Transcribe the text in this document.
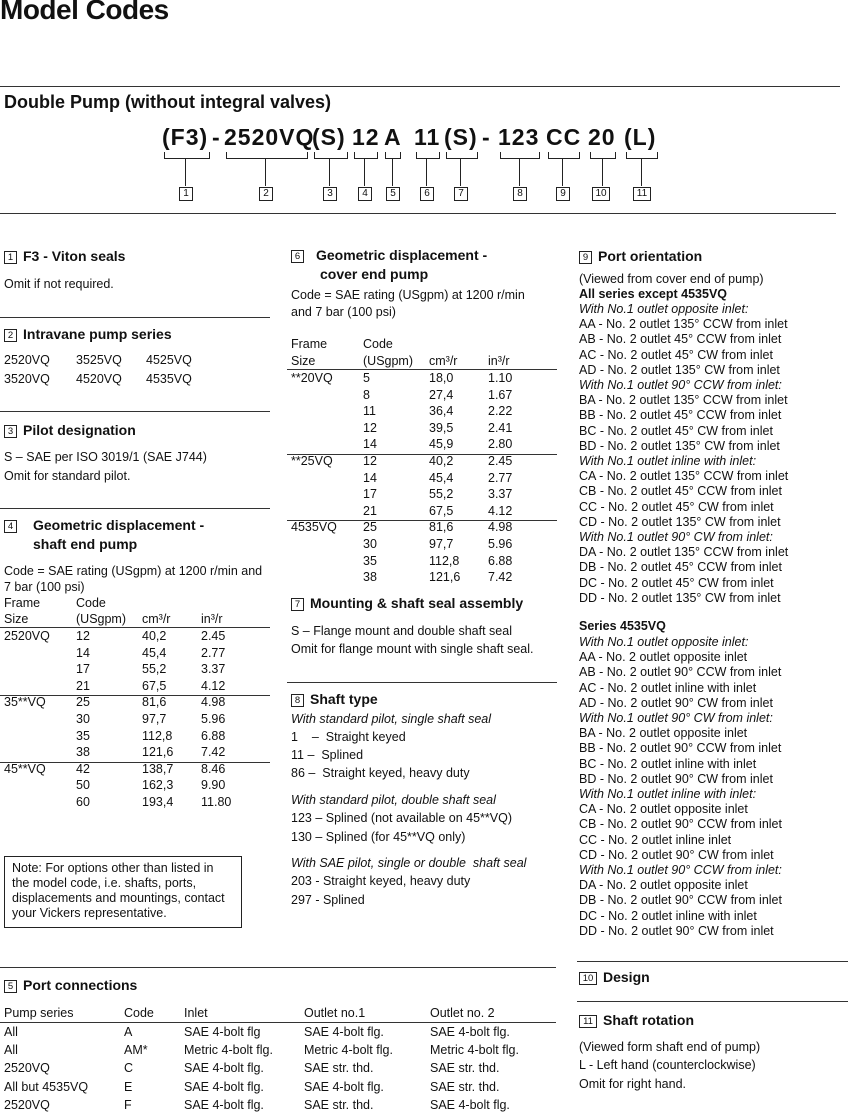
Model Codes
Double Pump (without integral valves)
(F3) - 2520VQ
(S) 12 A 11 (S) - 123 CC 20 (L)
1	2	3	4	5	6	7	8	9	10	11
1 F3 - Viton seals
Omit if not required.
2 Intravane pump series
2520VQ	3525VQ	4525VQ
3520VQ	4520VQ	4535VQ
3 Pilot designation
S – SAE per ISO 3019/1 (SAE J744)
Omit for standard pilot.
4 Geometric displacement -
shaft end pump
Code = SAE rating (USgpm) at 1200 r/min and
7 bar (100 psi)
Frame	Code
Size	(USgpm)	cm³/r	in³/r
2520VQ	12	40,2	2.45
14	45,4	2.77
17	55,2	3.37
21	67,5	4.12
35**VQ	25	81,6	4.98
30	97,7	5.96
35	112,8	6.88
38	121,6	7.42
45**VQ	42	138,7	8.46
50	162,3	9.90
60	193,4	11.80
Note: For options other than listed in
the model code, i.e. shafts, ports,
displacements and mountings, contact
your Vickers representative.
5 Port connections
Pump series	Code	Inlet	Outlet no.1	Outlet no. 2
All	A	SAE 4-bolt flg	SAE 4-bolt flg.	SAE 4-bolt flg.
All	AM*	Metric 4-bolt flg.	Metric 4-bolt flg.	Metric 4-bolt flg.
2520VQ	C	SAE 4-bolt flg.	SAE str. thd.	SAE str. thd.
All but 4535VQ	E	SAE 4-bolt flg.	SAE 4-bolt flg.	SAE str. thd.
2520VQ	F	SAE 4-bolt flg.	SAE str. thd.	SAE 4-bolt flg.
6 Geometric displacement -
cover end pump
Code = SAE rating (USgpm) at 1200 r/min
and 7 bar (100 psi)
Frame	Code
Size	(USgpm)	cm³/r	in³/r
**20VQ	5	18,0	1.10
8	27,4	1.67
11	36,4	2.22
12	39,5	2.41
14	45,9	2.80
**25VQ	12	40,2	2.45
14	45,4	2.77
17	55,2	3.37
21	67,5	4.12
4535VQ	25	81,6	4.98
30	97,7	5.96
35	112,8	6.88
38	121,6	7.42
7 Mounting & shaft seal assembly
S – Flange mount and double shaft seal
Omit for flange mount with single shaft seal.
8 Shaft type
With standard pilot, single shaft seal
1    –  Straight keyed
11 –  Splined
86 –  Straight keyed, heavy duty
With standard pilot, double shaft seal
123 – Splined (not available on 45**VQ)
130 – Splined (for 45**VQ only)
With SAE pilot, single or double  shaft seal
203 - Straight keyed, heavy duty
297 - Splined
9 Port orientation
(Viewed from cover end of pump)
All series except 4535VQ
With No.1 outlet opposite inlet:
AA - No. 2 outlet 135° CCW from inlet
AB - No. 2 outlet 45° CCW from inlet
AC - No. 2 outlet 45° CW from inlet
AD - No. 2 outlet 135° CW from inlet
With No.1 outlet 90° CCW from inlet:
BA - No. 2 outlet 135° CCW from inlet
BB - No. 2 outlet 45° CCW from inlet
BC - No. 2 outlet 45° CW from inlet
BD - No. 2 outlet 135° CW from inlet
With No.1 outlet inline with inlet:
CA - No. 2 outlet 135° CCW from inlet
CB - No. 2 outlet 45° CCW from inlet
CC - No. 2 outlet 45° CW from inlet
CD - No. 2 outlet 135° CW from inlet
With No.1 outlet 90° CW from inlet:
DA - No. 2 outlet 135° CCW from inlet
DB - No. 2 outlet 45° CCW from inlet
DC - No. 2 outlet 45° CW from inlet
DD - No. 2 outlet 135° CW from inlet
Series 4535VQ
With No.1 outlet opposite inlet:
AA - No. 2 outlet opposite inlet
AB - No. 2 outlet 90° CCW from inlet
AC - No. 2 outlet inline with inlet
AD - No. 2 outlet 90° CW from inlet
With No.1 outlet 90° CW from inlet:
BA - No. 2 outlet opposite inlet
BB - No. 2 outlet 90° CCW from inlet
BC - No. 2 outlet inline with inlet
BD - No. 2 outlet 90° CW from inlet
With No.1 outlet inline with inlet:
CA - No. 2 outlet opposite inlet
CB - No. 2 outlet 90° CCW from inlet
CC - No. 2 outlet inline inlet
CD - No. 2 outlet 90° CW from inlet
With No.1 outlet 90° CCW from inlet:
DA - No. 2 outlet opposite inlet
DB - No. 2 outlet 90° CCW from inlet
DC - No. 2 outlet inline with inlet
DD - No. 2 outlet 90° CW from inlet
10 Design
11 Shaft rotation
(Viewed form shaft end of pump)
L - Left hand (counterclockwise)
Omit for right hand.
